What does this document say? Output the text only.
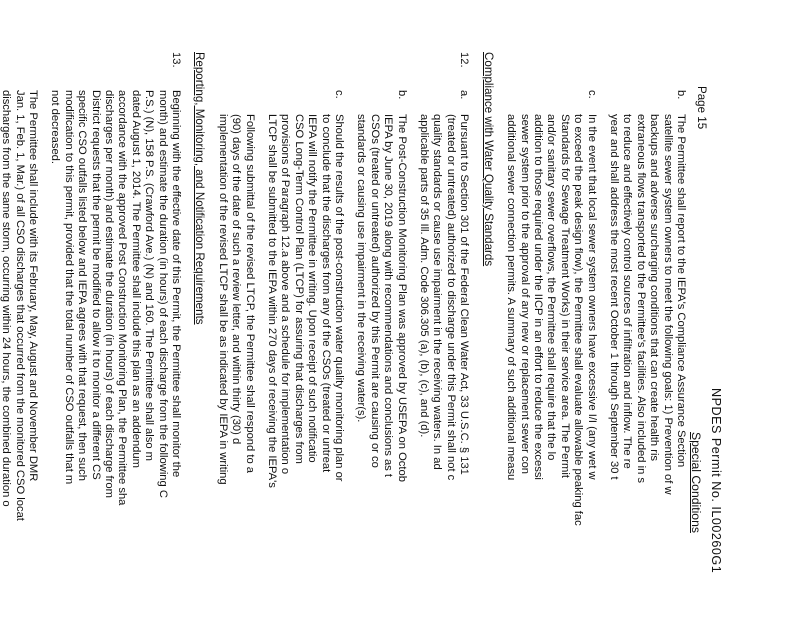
Page 15
NPDES Permit No. IL00260G1
Special Conditions
b.
The Permittee shall report to the IEPA's Compliance Assurance Section
satellite sewer system owners to meet the following goals: 1) Prevention of w
backups and adverse surcharging conditions that can create health ris
extraneous flows transported to the Permittee's facilities. Also included in s
to reduce and effectively control sources of infiltration and inflow. The re
year and shall address the most recent October 1 through September 30 t
c.
In the event that local sewer system owners have excessive I/I (any wet w
to exceed the peak design flow), the Permittee shall evaluate allowable peaking fac
Standards for Sewage Treatment Works) in their service area. The Permit
and/or sanitary sewer overflows, the Permittee shall require that the lo
addition to those required under the IICP in an effort to reduce the excessi
sewer system prior to the approval of any new or replacement sewer con
additional sewer connection permits. A summary of such additional measu
Compliance with Water Quality Standards
12.
a.
Pursuant to Section 301 of the Federal Clean Water Act, 33 U.S.C. § 131
(treated or untreated) authorized to discharge under this Permit shall not c
quality standards or cause use impairment in the receiving waters. In ad
applicable parts of 35 Ill. Adm. Code 306.305 (a), (b), (c), and (d).
b.
The Post-Construction Monitoring Plan was approved by USEPA on Octob
IEPA by June 30, 2019 along with recommendations and conclusions as t
CSOs (treated or untreated) authorized by this Permit are causing or co
standards or causing use impairment in the receiving water(s).
c.
Should the results of the post-construction water quality monitoring plan or
to conclude that the discharges from any of the CSOs (treated or untreat
IEPA will notify the Permittee in writing. Upon receipt of such notificatio
CSO Long-Term Control Plan (LTCP) for assuring that discharges from
provisions of Paragraph 12.a above and a schedule for implementation o
LTCP shall be submitted to the IEPA within 270 days of receiving the IEPA's
Following submittal of the revised LTCP, the Permittee shall respond to a
(90) days of the date of such a review letter, and within thirty (30) d
implementation of the revised LTCP shall be as indicated by IEPA in writing
Reporting, Monitoring, and Notification Requirements
13.
Beginning with the effective date of this Permit, the Permittee shall monitor the
month) and estimate the duration (in hours) of each discharge from the following C
P.S.) (N), 158 P.S. (Crawford Ave.) (N) and 160. The Permittee shall also m
dated August 1, 2014. The Permittee shall include this plan as an addendum
accordance with the approved Post Construction Monitoring Plan, the Permittee sha
discharges per month) and estimate the duration (in hours) of each discharge from
District requests that the permit be modified to allow it to monitor a different CS
specific CSO outfalls listed below and IEPA agrees with that request, then such
modification to this permit, provided that the total number of CSO outfalls that m
not decreased.
The Permittee shall include with its February, May, August and November DMR
Jan. 1, Feb. 1, Mar.) of all CSO discharges that occurred from the monitored CSO locat
discharges from the same storm, occurring within 24 hours, the combined duration o
